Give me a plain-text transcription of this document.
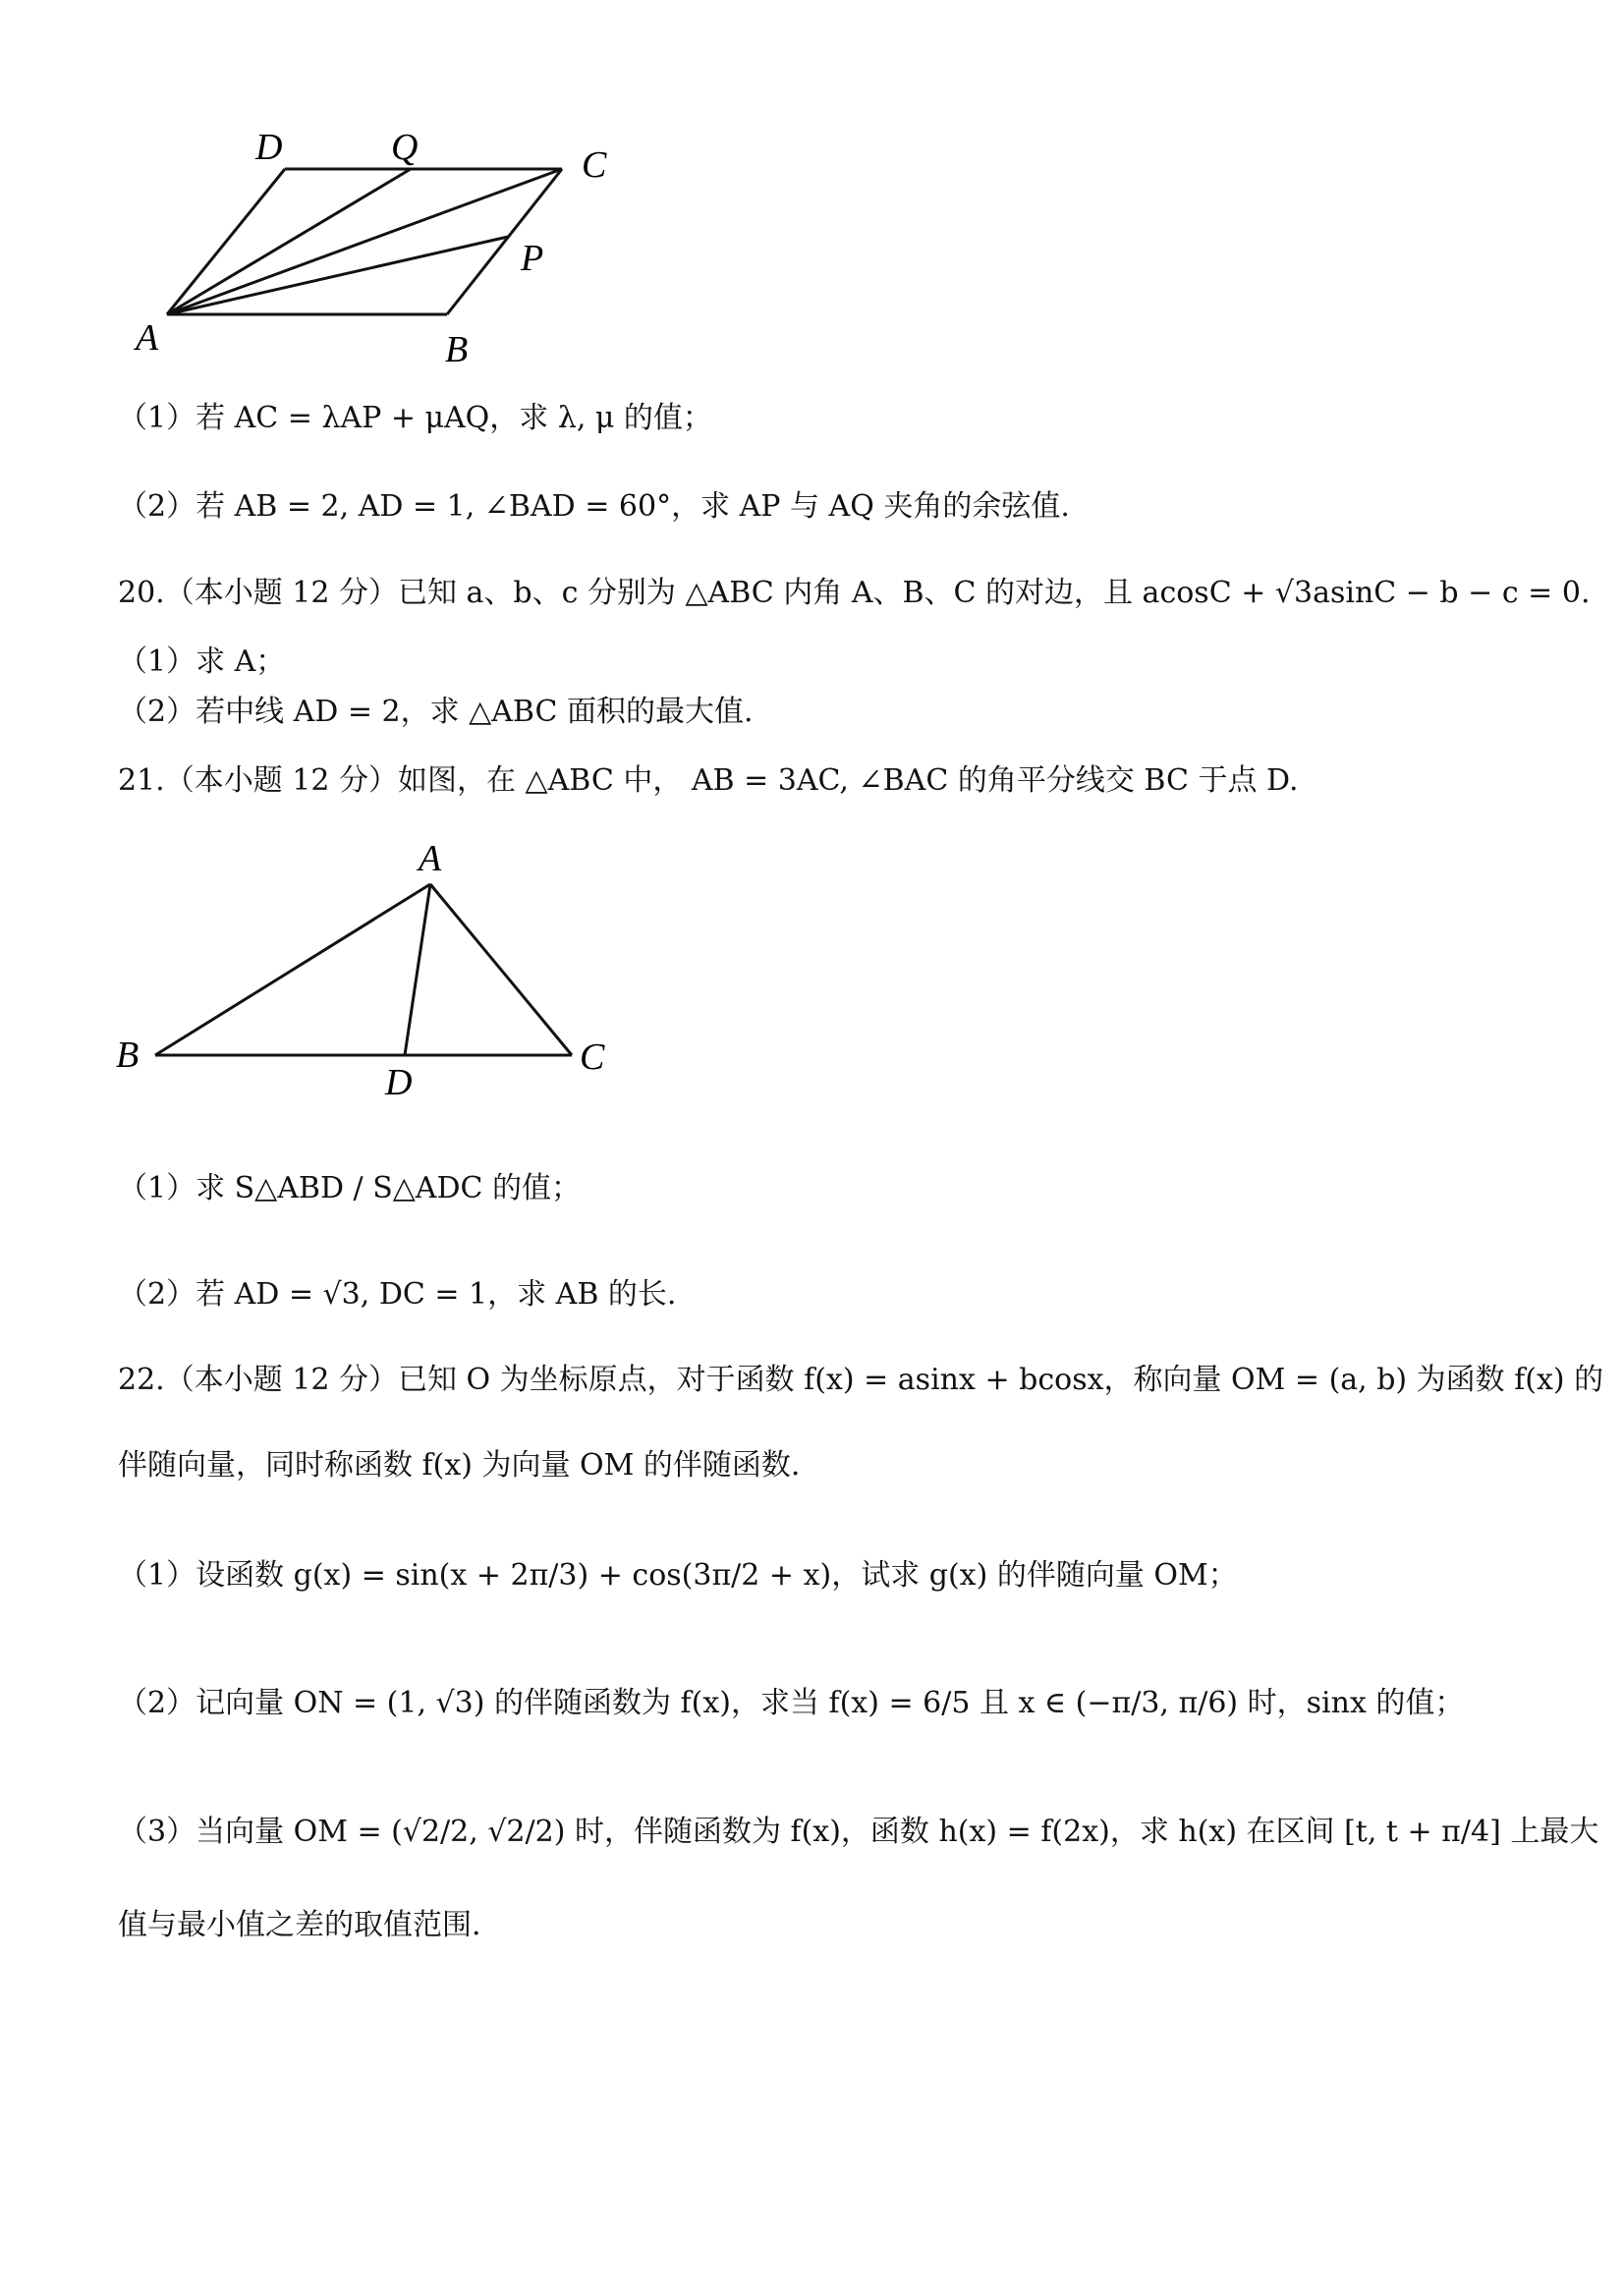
D	Q	C
P
A	B
（1）若 AC = λAP + μAQ，求 λ, μ 的值；
（2）若 AB = 2, AD = 1, ∠BAD = 60°，求 AP 与 AQ 夹角的余弦值.
20.（本小题 12 分）已知 a、b、c 分别为 △ABC 内角 A、B、C 的对边，且 acosC + √3asinC − b − c = 0.
（1）求 A；
（2）若中线 AD = 2，求 △ABC 面积的最大值.
21.（本小题 12 分）如图，在 △ABC 中， AB = 3AC, ∠BAC 的角平分线交 BC 于点 D.
A
B	C
D
（1）求 S△ABD / S△ADC 的值；
（2）若 AD = √3, DC = 1，求 AB 的长.
22.（本小题 12 分）已知 O 为坐标原点，对于函数 f(x) = asinx + bcosx，称向量 OM = (a, b) 为函数 f(x) 的
伴随向量，同时称函数 f(x) 为向量 OM 的伴随函数.
（1）设函数 g(x) = sin(x + 2π/3) + cos(3π/2 + x)，试求 g(x) 的伴随向量 OM；
（2）记向量 ON = (1, √3) 的伴随函数为 f(x)，求当 f(x) = 6/5 且 x ∈ (−π/3, π/6) 时，sinx 的值；
（3）当向量 OM = (√2/2, √2/2) 时，伴随函数为 f(x)，函数 h(x) = f(2x)，求 h(x) 在区间 [t, t + π/4] 上最大
值与最小值之差的取值范围.
